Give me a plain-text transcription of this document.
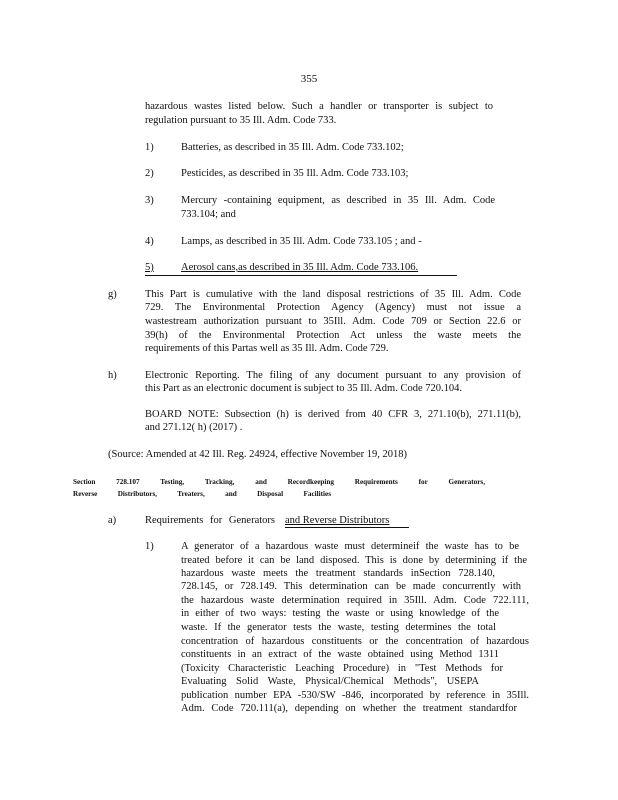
355
hazardous wastes listed below. Such a handler or transporter is subject to
regulation pursuant to 35 Ill. Adm. Code 733.
1)	Batteries, as described in 35 Ill. Adm. Code 733.102;
2)	Pesticides, as described in 35 Ill. Adm. Code 733.103;
3)	Mercury -containing equipment, as described in 35 Ill. Adm. Code
733.104; and
4)	Lamps, as described in 35 Ill. Adm. Code 733.105 ; and -
5)	Aerosol cans,as described in 35 Ill. Adm. Code 733.106.
g)	This Part is cumulative with the land disposal restrictions of 35 Ill. Adm. Code
729. The Environmental Protection Agency (Agency) must not issue a
wastestream authorization pursuant to 35Ill. Adm. Code 709 or Section 22.6 or
39(h) of the Environmental Protection Act unless the waste meets the
requirements of this Partas well as 35 Ill. Adm. Code 729.
h)	Electronic Reporting. The filing of any document pursuant to any provision of
this Part as an electronic document is subject to 35 Ill. Adm. Code 720.104.
BOARD NOTE: Subsection (h) is derived from 40 CFR 3, 271.10(b), 271.11(b),
and 271.12( h) (2017) .
(Source: Amended at 42 Ill. Reg. 24924, effective November 19, 2018)
Section 728.107 Testing, Tracking, and Recordkeeping Requirements for Generators,
Reverse Distributors, Treaters, and Disposal Facilities
a)	Requirements for Generators and Reverse Distributors
1)	A generator of a hazardous waste must determineif the waste has to be
treated before it can be land disposed. This is done by determining if the
hazardous waste meets the treatment standards inSection 728.140,
728.145, or 728.149. This determination can be made concurrently with
the hazardous waste determination required in 35Ill. Adm. Code 722.111,
in either of two ways: testing the waste or using knowledge of the
waste. If the generator tests the waste, testing determines the total
concentration of hazardous constituents or the concentration of hazardous
constituents in an extract of the waste obtained using Method 1311
(Toxicity Characteristic Leaching Procedure) in "Test Methods for
Evaluating Solid Waste, Physical/Chemical Methods", USEPA
publication number EPA -530/SW -846, incorporated by reference in 35Ill.
Adm. Code 720.111(a), depending on whether the treatment standardfor
